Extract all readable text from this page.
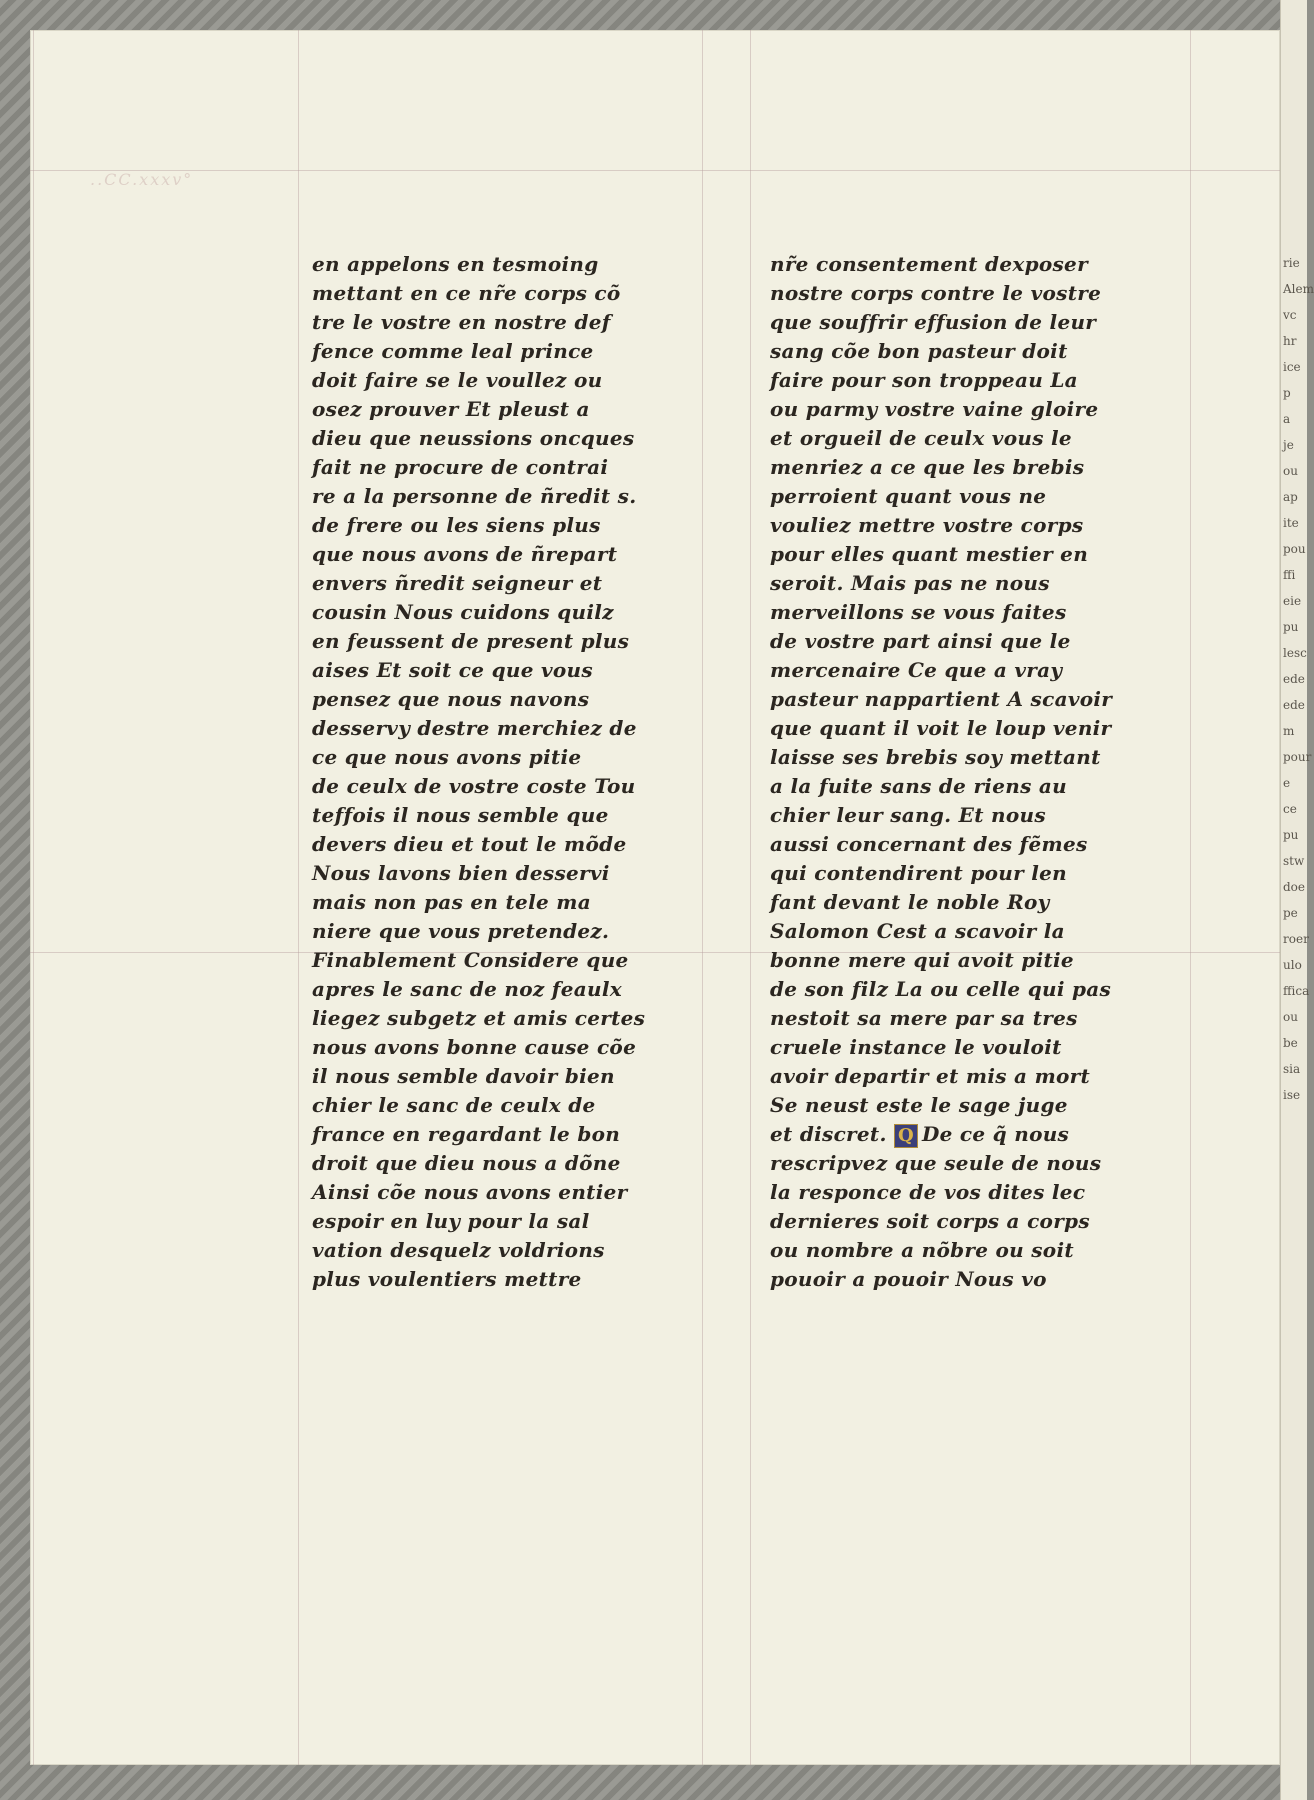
..CC.xxxv°
en appelons en tesmoing
mettant en ce nr̃e corps cõ
tre le vostre en nostre def
fence comme leal prince
doit faire se le voullez ou
osez prouver Et pleust a
dieu que neussions oncques
fait ne procure de contrai
re a la personne de ñredit s.
de frere ou les siens plus
que nous avons de ñrepart
envers ñredit seigneur et
cousin Nous cuidons quilz
en feussent de present plus
aises Et soit ce que vous
pensez que nous navons
desservy destre merchiez de
ce que nous avons pitie
de ceulx de vostre coste Tou
teffois il nous semble que
devers dieu et tout le mõde
Nous lavons bien desservi
mais non pas en tele ma
niere que vous pretendez.
Finablement Considere que
apres le sanc de noz feaulx
liegez subgetz et amis certes
nous avons bonne cause cõe
il nous semble davoir bien
chier le sanc de ceulx de
france en regardant le bon
droit que dieu nous a dõne
Ainsi cõe nous avons entier
espoir en luy pour la sal
vation desquelz voldrions
plus voulentiers mettre
nr̃e consentement dexposer
nostre corps contre le vostre
que souffrir effusion de leur
sang cõe bon pasteur doit
faire pour son troppeau La
ou parmy vostre vaine gloire
et orgueil de ceulx vous le
menriez a ce que les brebis
perroient quant vous ne
vouliez mettre vostre corps
pour elles quant mestier en
seroit. Mais pas ne nous
merveillons se vous faites
de vostre part ainsi que le
mercenaire Ce que a vray
pasteur nappartient A scavoir
que quant il voit le loup venir
laisse ses brebis soy mettant
a la fuite sans de riens au
chier leur sang. Et nous
aussi concernant des fẽmes
qui contendirent pour len
fant devant le noble Roy
Salomon Cest a scavoir la
bonne mere qui avoit pitie
de son filz La ou celle qui pas
nestoit sa mere par sa tres
cruele instance le vouloit
avoir departir et mis a mort
Se neust este le sage juge
et discret. Q De ce q̃ nous
rescripvez que seule de nous
la responce de vos dites lec
dernieres soit corps a corps
ou nombre a nõbre ou soit
pouoir a pouoir Nous vo
rie
Alem
vc
hr
ice
p
a
je
ou
ap
ite
pou
ffi
eie
pu
lesc
ede
ede
m
pour
e
ce
pu
stw
doe
pe
roer
ulo
ffica
ou
be
sia
ise
